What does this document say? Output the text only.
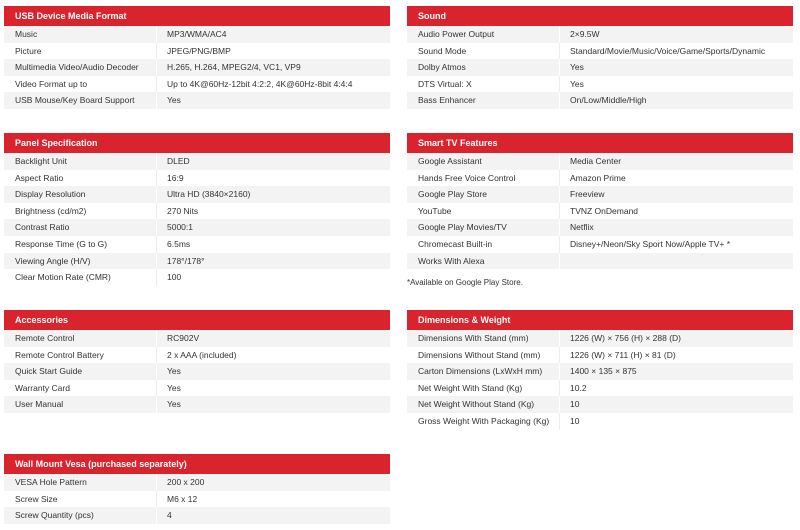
USB Device Media Format
Music	MP3/WMA/AC4
Picture	JPEG/PNG/BMP
Multimedia Video/Audio Decoder	H.265, H.264, MPEG2/4, VC1, VP9
Video Format up to	Up to 4K@60Hz-12bit 4:2:2, 4K@60Hz-8bit 4:4:4
USB Mouse/Key Board Support	Yes
Sound
Audio Power Output	2×9.5W
Sound Mode	Standard/Movie/Music/Voice/Game/Sports/Dynamic
Dolby Atmos	Yes
DTS Virtual: X	Yes
Bass Enhancer	On/Low/Middle/High
Panel Specification
Backlight Unit	DLED
Aspect Ratio	16:9
Display Resolution	Ultra HD (3840×2160)
Brightness (cd/m2)	270 Nits
Contrast Ratio	5000:1
Response Time (G to G)	6.5ms
Viewing Angle (H/V)	178°/178°
Clear Motion Rate (CMR)	100
Smart TV Features
Google Assistant	Media Center
Hands Free Voice Control	Amazon Prime
Google Play Store	Freeview
YouTube	TVNZ OnDemand
Google Play Movies/TV	Netflix
Chromecast Built-in	Disney+/Neon/Sky Sport Now/Apple TV+ *
Works With Alexa
*Available on Google Play Store.
Accessories
Remote Control	RC902V
Remote Control Battery	2 x AAA (included)
Quick Start Guide	Yes
Warranty Card	Yes
User Manual	Yes
Dimensions & Weight
Dimensions With Stand (mm)	1226 (W) × 756 (H) × 288 (D)
Dimensions Without Stand (mm)	1226 (W) × 711 (H) × 81 (D)
Carton Dimensions (LxWxH mm)	1400 × 135 × 875
Net Weight With Stand (Kg)	10.2
Net Weight Without Stand (Kg)	10
Gross Weight With Packaging (Kg)	10
Wall Mount Vesa (purchased separately)
VESA Hole Pattern	200 x 200
Screw Size	M6 x 12
Screw Quantity (pcs)	4
